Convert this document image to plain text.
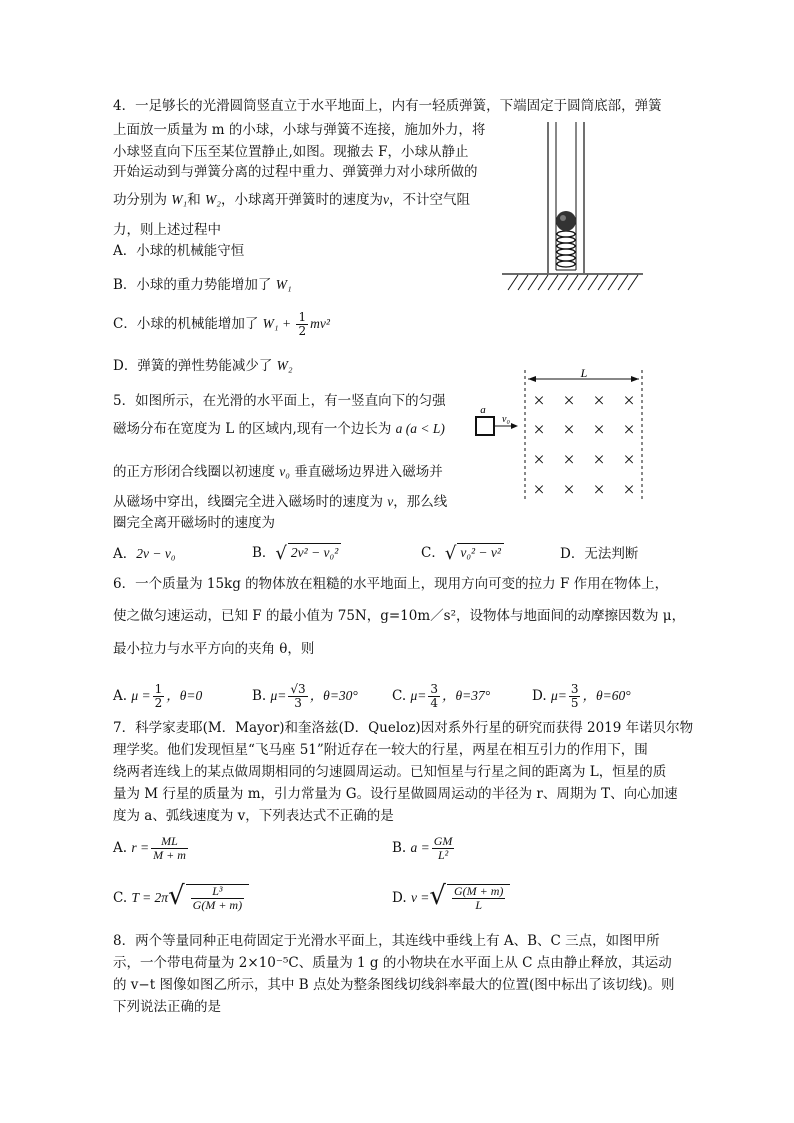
4．一足够长的光滑圆筒竖直立于水平地面上，内有一轻质弹簧，下端固定于圆筒底部，弹簧
上面放一质量为 m 的小球，小球与弹簧不连接，施加外力，将
小球竖直向下压至某位置静止,如图。现撤去 F，小球从静止
开始运动到与弹簧分离的过程中重力、弹簧弹力对小球所做的
功分别为 W₁和 W₂，小球离开弹簧时的速度为v，不计空气阻
力，则上述过程中
A．小球的机械能守恒
B．小球的重力势能增加了 W₁
C．小球的机械能增加了 $W_1 + \frac{1}{2} mv^2$
D．弹簧的弹性势能减少了 W₂
5．如图所示，在光滑的水平面上，有一竖直向下的匀强
磁场分布在宽度为 L 的区域内,现有一个边长为 a (a < L)
的正方形闭合线圈以初速度 v₀ 垂直磁场边界进入磁场并
从磁场中穿出，线圈完全进入磁场时的速度为 v，那么线
圈完全离开磁场时的速度为
A．2v − v₀	B．√ 2v² − v₀²	C．√ v₀² − v²	D．无法判断
L
a
v₀
× × × ×
× × × ×
× × × ×
× × × ×
6．一个质量为 15kg 的物体放在粗糙的水平地面上，现用方向可变的拉力 F 作用在物体上，
使之做匀速运动，已知 F 的最小值为 75N，g=10m／s²，设物体与地面间的动摩擦因数为 μ，
最小拉力与水平方向的夹角 θ，则
A. $\mu = \frac{1}{2}$ ，θ=0	B. $\mu= \frac{√3}{3}$ ，θ=30°	C. $\mu= \frac{3}{4}$ ，θ=37°	D. $\mu= \frac{3}{5}$ ，θ=60°
7．科学家麦耶(M．Mayor)和奎洛兹(D．Queloz)因对系外行星的研究而获得 2019 年诺贝尔物
理学奖。他们发现恒星“飞马座 51”附近存在一较大的行星，两星在相互引力的作用下，围
绕两者连线上的某点做周期相同的匀速圆周运动。已知恒星与行星之间的距离为 L，恒星的质
量为 M 行星的质量为 m，引力常量为 G。设行星做圆周运动的半径为 r、周期为 T、向心加速
度为 a、弧线速度为 v，下列表达式不正确的是
A. $r = \frac{ML}{M + m}$	B. $a = \frac{GM}{\text{L²}}$
C. $T = 2\pi√ \frac{\text{L³}}{G(M + m)}$	D. v =√ $\frac{G(M + m)}{L}$
8．两个等量同种正电荷固定于光滑水平面上，其连线中垂线上有 A、B、C 三点，如图甲所
示，一个带电荷量为 2×10⁻⁵C、质量为 1 g 的小物块在水平面上从 C 点由静止释放，其运动
的 v−t 图像如图乙所示，其中 B 点处为整条图线切线斜率最大的位置(图中标出了该切线)。则
下列说法正确的是
